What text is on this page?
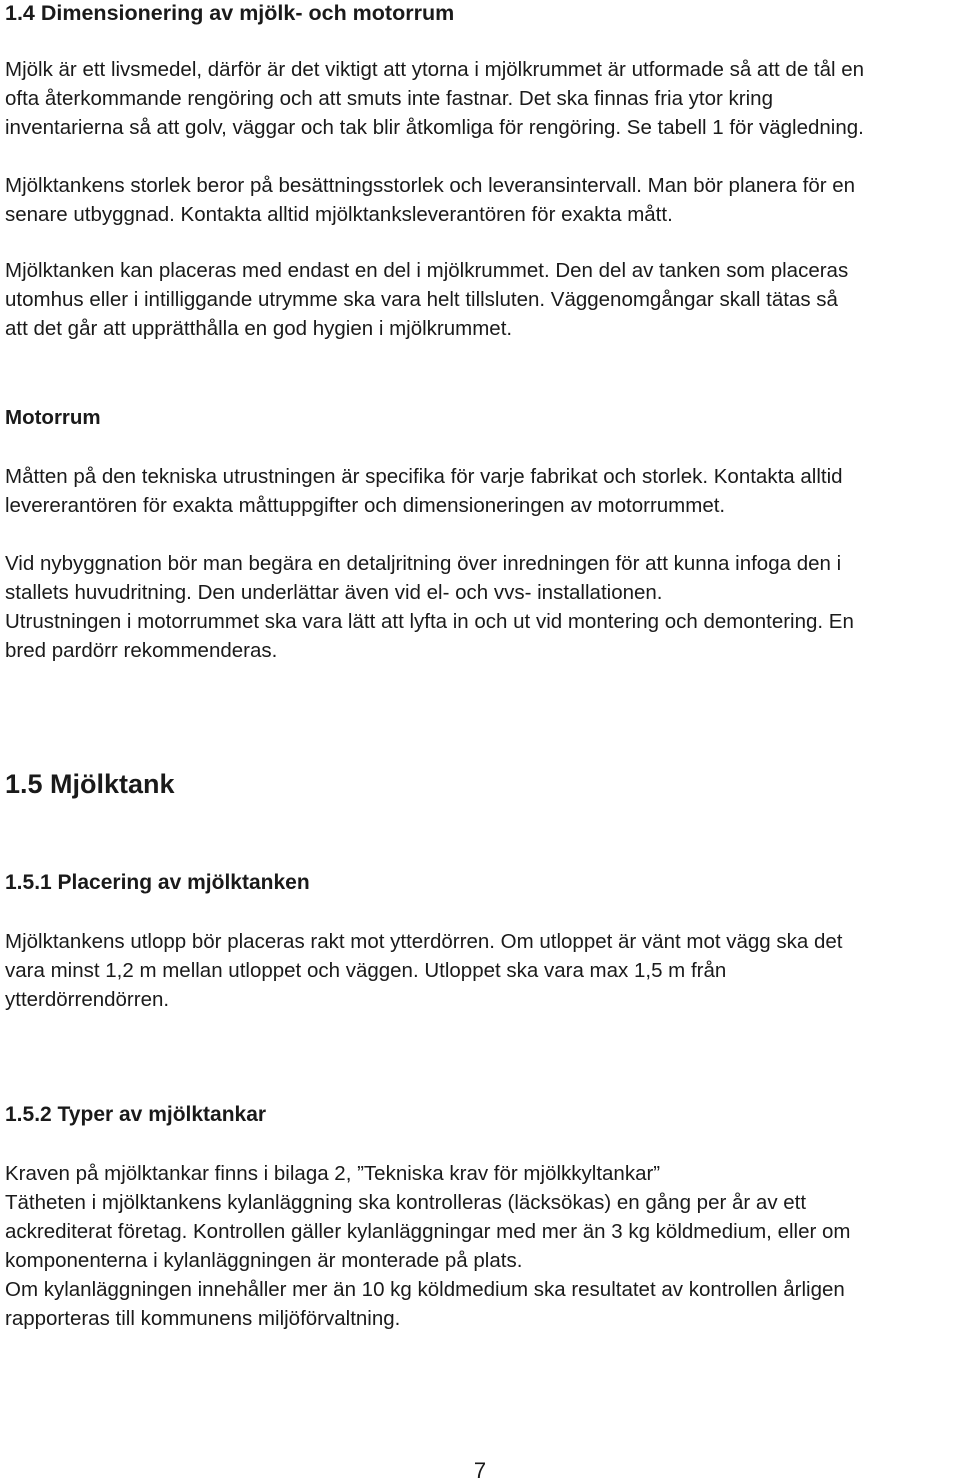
1.4 Dimensionering av mjölk- och motorrum
Mjölk är ett livsmedel, därför är det viktigt att ytorna i mjölkrummet är utformade så att de tål en
ofta återkommande rengöring och att smuts inte fastnar. Det ska finnas fria ytor kring
inventarierna så att golv, väggar och tak blir åtkomliga för rengöring. Se tabell 1 för vägledning.
Mjölktankens storlek beror på besättningsstorlek och leveransintervall. Man bör planera för en
senare utbyggnad. Kontakta alltid mjölktanksleverantören för exakta mått.
Mjölktanken kan placeras med endast en del i mjölkrummet. Den del av tanken som placeras
utomhus eller i intilliggande utrymme ska vara helt tillsluten. Väggenomgångar skall tätas så
att det går att upprätthålla en god hygien i mjölkrummet.
Motorrum
Måtten på den tekniska utrustningen är specifika för varje fabrikat och storlek. Kontakta alltid
levererantören för exakta måttuppgifter och dimensioneringen av motorrummet.
Vid nybyggnation bör man begära en detaljritning över inredningen för att kunna infoga den i
stallets huvudritning. Den underlättar även vid el- och vvs- installationen.
Utrustningen i motorrummet ska vara lätt att lyfta in och ut vid montering och demontering. En
bred pardörr rekommenderas.
1.5 Mjölktank
1.5.1 Placering av mjölktanken
Mjölktankens utlopp bör placeras rakt mot ytterdörren. Om utloppet är vänt mot vägg ska det
vara minst 1,2 m mellan utloppet och väggen. Utloppet ska vara max 1,5 m från
ytterdörrendörren.
1.5.2 Typer av mjölktankar
Kraven på mjölktankar finns i bilaga 2, ”Tekniska krav för mjölkkyltankar”
Tätheten i mjölktankens kylanläggning ska kontrolleras (läcksökas) en gång per år av ett
ackrediterat företag. Kontrollen gäller kylanläggningar med mer än 3 kg köldmedium, eller om
komponenterna i kylanläggningen är monterade på plats.
Om kylanläggningen innehåller mer än 10 kg köldmedium ska resultatet av kontrollen årligen
rapporteras till kommunens miljöförvaltning.
7
